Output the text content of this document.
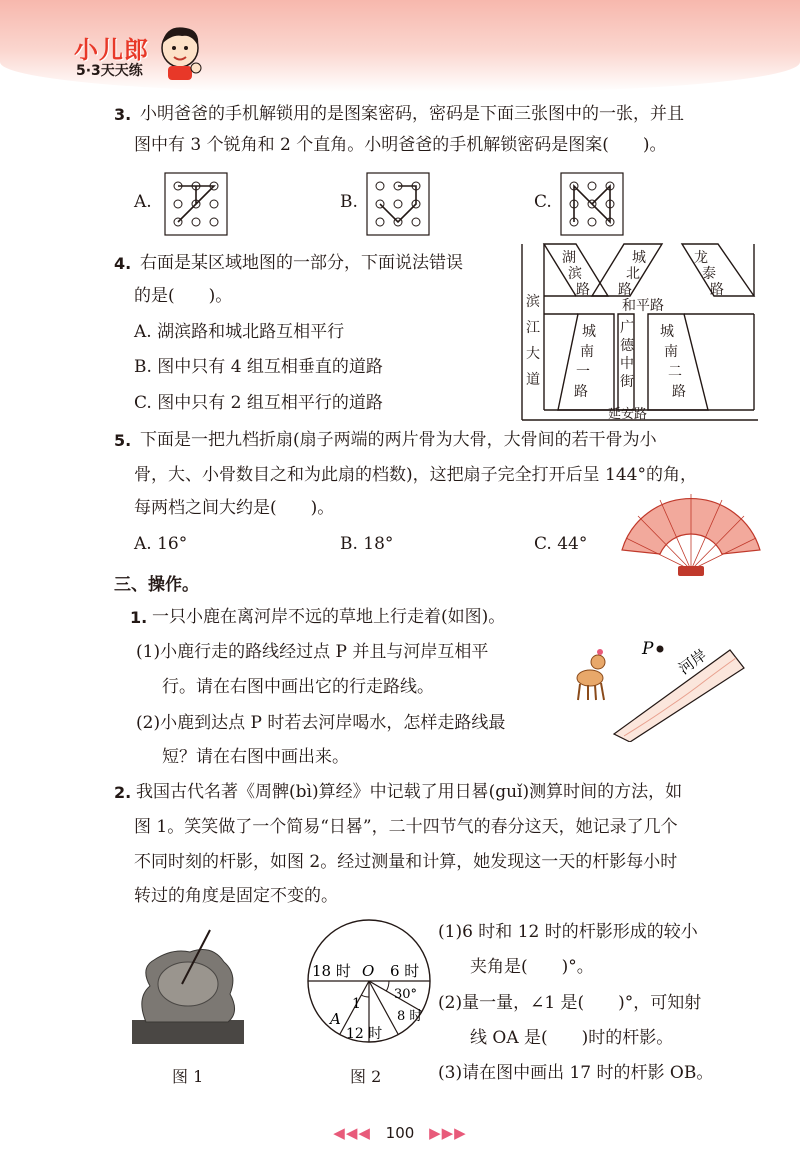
小儿郎
5·3天天练
3. 小明爸爸的手机解锁用的是图案密码，密码是下面三张图中的一张，并且
图中有 3 个锐角和 2 个直角。小明爸爸的手机解锁密码是图案(　　)。
A.	B.	C.
4. 右面是某区域地图的一部分，下面说法错误
的是(　　)。
A. 湖滨路和城北路互相平行
B. 图中只有 4 组互相垂直的道路
C. 图中只有 2 组互相平行的道路
湖
滨
路
城
北
路
龙
泰
路
和平路
滨
江
大
道
城
南
一
路
广
德
中
街
城
南
二
路
延安路
5. 下面是一把九档折扇(扇子两端的两片骨为大骨，大骨间的若干骨为小
骨，大、小骨数目之和为此扇的档数)，这把扇子完全打开后呈 144°的角，
每两档之间大约是(　　)。
A. 16°	B. 18°	C. 44°
三、操作。
1. 一只小鹿在离河岸不远的草地上行走着(如图)。
(1)小鹿行走的路线经过点 P 并且与河岸互相平
行。请在右图中画出它的行走路线。
(2)小鹿到达点 P 时若去河岸喝水，怎样走路线最
短？请在右图中画出来。
P 河岸
2. 我国古代名著《周髀(bì)算经》中记载了用日晷(guǐ)测算时间的方法，如
图 1。笑笑做了一个简易“日晷”，二十四节气的春分这天，她记录了几个
不同时刻的杆影，如图 2。经过测量和计算，她发现这一天的杆影每小时
转过的角度是固定不变的。
图 1
18 时 O 6 时
30°
1
8 时
A
12 时
图 2
(1)6 时和 12 时的杆影形成的较小
夹角是(　　)°。
(2)量一量，∠1 是(　　)°，可知射
线 OA 是(　　)时的杆影。
(3)请在图中画出 17 时的杆影 OB。
◀◀◀ 100 ▶▶▶
